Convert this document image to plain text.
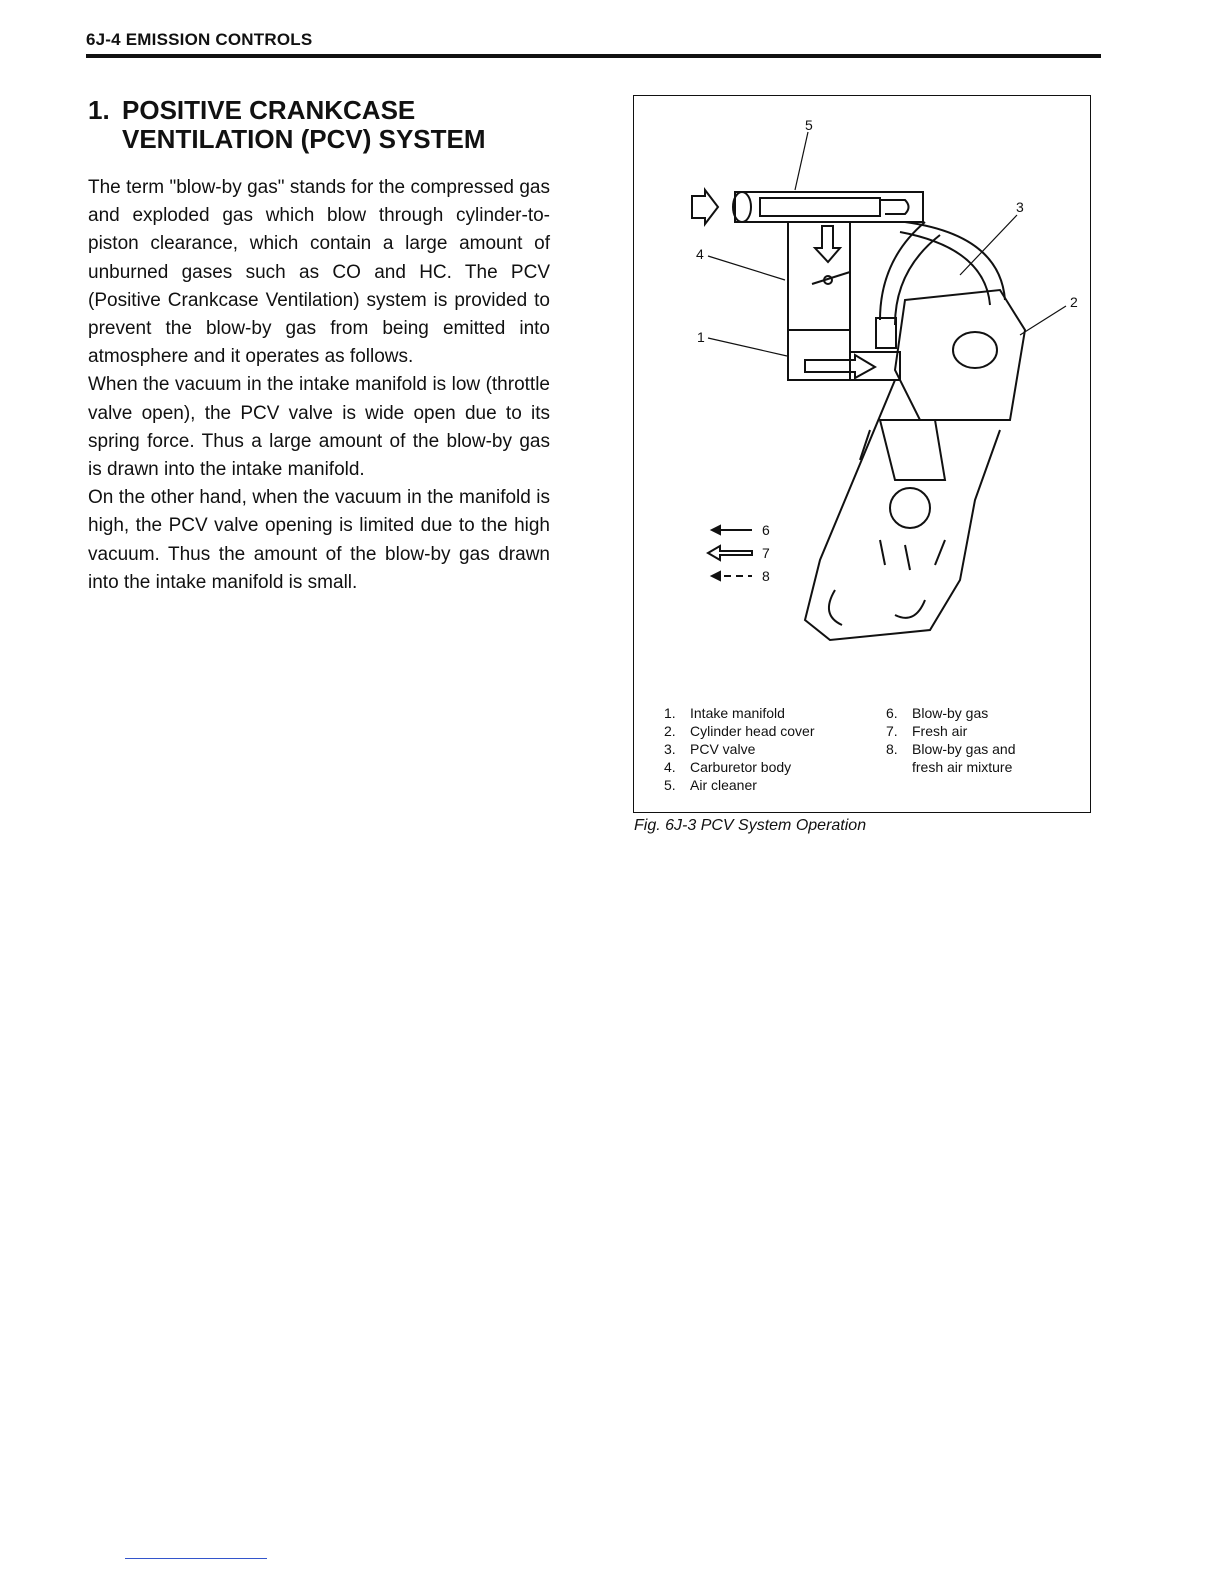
6J-4 EMISSION CONTROLS
1. POSITIVE CRANKCASE
VENTILATION (PCV) SYSTEM

The term "blow-by gas" stands for the compressed gas and exploded gas which blow through cylinder-to-piston clearance, which contain a large amount of unburned gases such as CO and HC. The PCV (Positive Crankcase Ventilation) system is provided to prevent the blow-by gas from being emitted into atmosphere and it operates as follows.

When the vacuum in the intake manifold is low (throttle valve open), the PCV valve is wide open due to its spring force. Thus a large amount of the blow-by gas is drawn into the intake manifold.

On the other hand, when the vacuum in the manifold is high, the PCV valve opening is limited due to the high vacuum. Thus the amount of the blow-by gas drawn into the intake manifold is small.

5
3
2
4
1
6
7
8
1.	Intake manifold
2.	Cylinder head cover
3.	PCV valve
4.	Carburetor body
5.	Air cleaner
6.	Blow-by gas
7.	Fresh air
8.	Blow-by gas and
fresh air mixture
Fig. 6J-3 PCV System Operation
